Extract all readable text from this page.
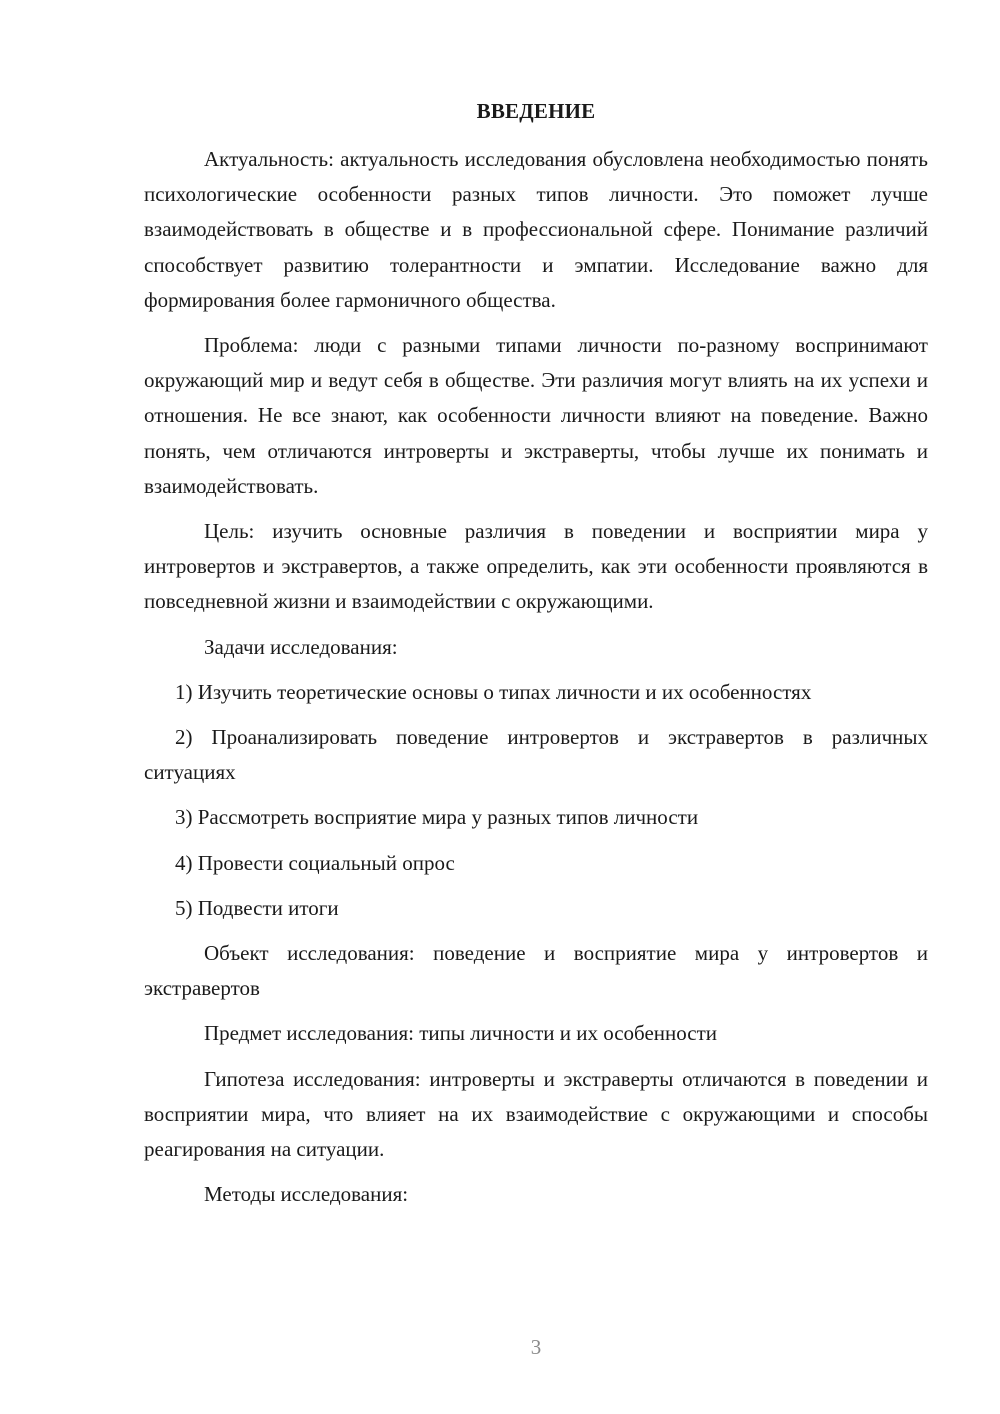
ВВЕДЕНИЕ

Актуальность: актуальность исследования обусловлена необходимостью понять психологические особенности разных типов личности. Это поможет лучше взаимодействовать в обществе и в профессиональной сфере. Понимание различий способствует развитию толерантности и эмпатии. Исследование важно для формирования более гармоничного общества.

Проблема: люди с разными типами личности по-разному воспринимают окружающий мир и ведут себя в обществе. Эти различия могут влиять на их успехи и отношения. Не все знают, как особенности личности влияют на поведение. Важно понять, чем отличаются интроверты и экстраверты, чтобы лучше их понимать и взаимодействовать.

Цель: изучить основные различия в поведении и восприятии мира у интровертов и экстравертов, а также определить, как эти особенности проявляются в повседневной жизни и взаимодействии с окружающими.

Задачи исследования:

1) Изучить теоретические основы о типах личности и их особенностях

2) Проанализировать поведение интровертов и экстравертов в различных ситуациях

3) Рассмотреть восприятие мира у разных типов личности

4) Провести социальный опрос

5) Подвести итоги

Объект исследования: поведение и восприятие мира у интровертов и экстравертов

Предмет исследования: типы личности и их особенности

Гипотеза исследования: интроверты и экстраверты отличаются в поведении и восприятии мира, что влияет на их взаимодействие с окружающими и способы реагирования на ситуации.

Методы исследования:

3
